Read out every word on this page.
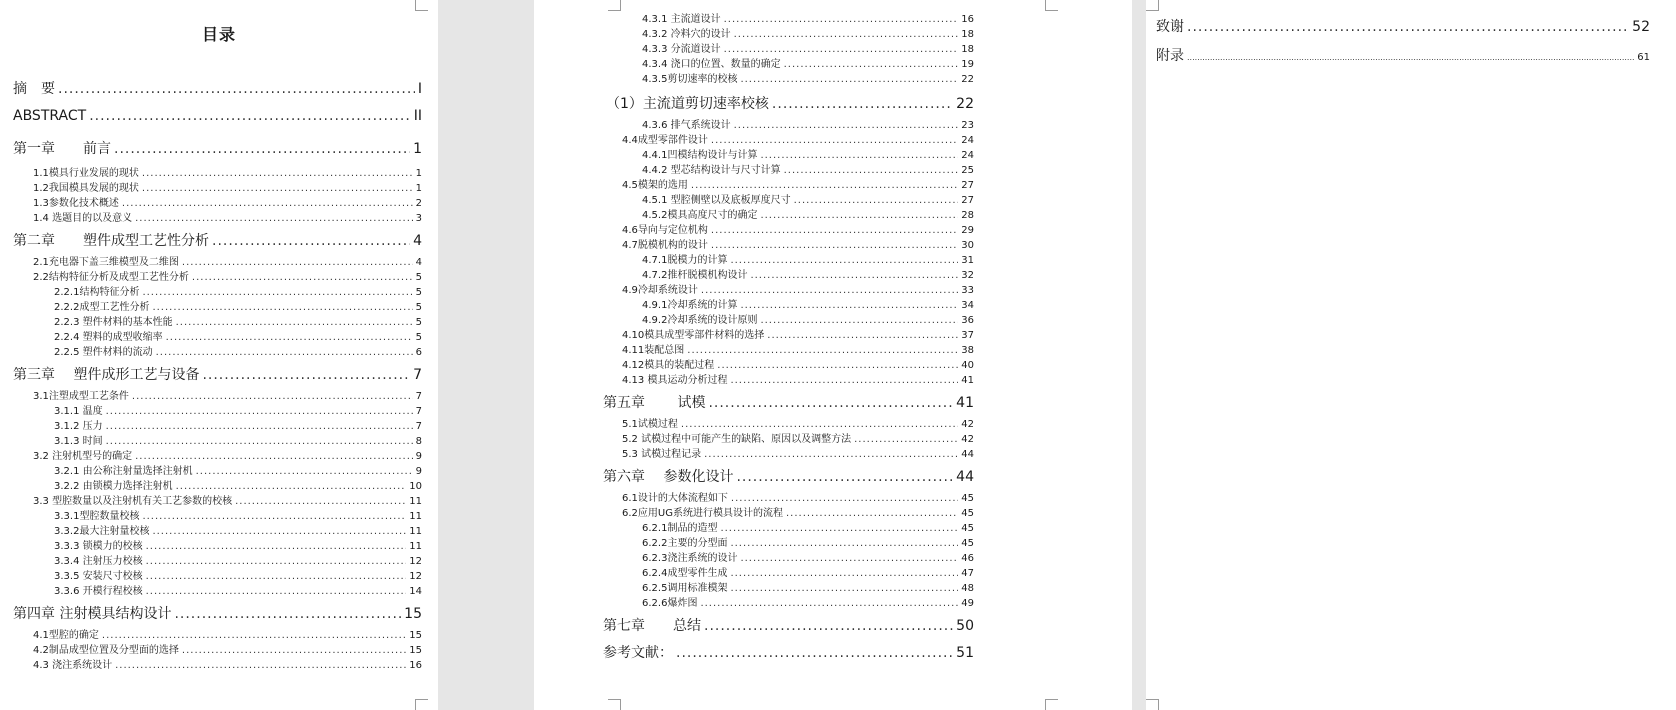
目录
摘　要 .....	I
ABSTRACT .....	II
第一章　　前言 .....	1
1.1模具行业发展的现状 .....	1
1.2我国模具发展的现状 .....	1
1.3参数化技术概述 .....	2
1.4 选题目的以及意义 .....	3
第二章　　塑件成型工艺性分析 .....	4
2.1充电器下盖三维模型及二维图 .....	4
2.2结构特征分析及成型工艺性分析 .....	5
2.2.1结构特征分析 .....	5
2.2.2成型工艺性分析 .....	5
2.2.3 塑件材料的基本性能 .....	5
2.2.4 塑料的成型收缩率 .....	5
2.2.5 塑件材料的流动 .....	6
第三章　 塑件成形工艺与设备 .....	7
3.1注塑成型工艺条件 .....	7
3.1.1 温度 .....	7
3.1.2 压力 .....	7
3.1.3 时间 .....	8
3.2 注射机型号的确定 .....	9
3.2.1 由公称注射量选择注射机 .....	9
3.2.2 由锁模力选择注射机 .....	10
3.3 型腔数量以及注射机有关工艺参数的校核 .....	11
3.3.1型腔数量校核 .....	11
3.3.2最大注射量校核 .....	11
3.3.3 锁模力的校核 .....	11
3.3.4 注射压力校核 .....	12
3.3.5 安装尺寸校核 .....	12
3.3.6 开模行程校核 .....	14
第四章 注射模具结构设计 .....	15
4.1型腔的确定 .....	15
4.2制品成型位置及分型面的选择 .....	15
4.3 浇注系统设计 .....	16
4.3.1 主流道设计 .....	16
4.3.2 冷料穴的设计 .....	18
4.3.3 分流道设计 .....	18
4.3.4 浇口的位置、数量的确定 .....	19
4.3.5剪切速率的校核 .....	22
（1）主流道剪切速率校核 .....	22
4.3.6 排气系统设计 .....	23
4.4成型零部件设计 .....	24
4.4.1凹模结构设计与计算 .....	24
4.4.2 型芯结构设计与尺寸计算 .....	25
4.5模架的选用 .....	27
4.5.1 型腔侧壁以及底板厚度尺寸 .....	27
4.5.2模具高度尺寸的确定 .....	28
4.6导向与定位机构 .....	29
4.7脱模机构的设计 .....	30
4.7.1脱模力的计算 .....	31
4.7.2推杆脱模机构设计 .....	32
4.9冷却系统设计 .....	33
4.9.1冷却系统的计算 .....	34
4.9.2冷却系统的设计原则 .....	36
4.10模具成型零部件材料的选择 .....	37
4.11装配总图 .....	38
4.12模具的装配过程 .....	40
4.13 模具运动分析过程 .....	41
第五章　　 试模 .....	41
5.1试模过程 .....	42
5.2 试模过程中可能产生的缺陷、原因以及调整方法 .....	42
5.3 试模过程记录 .....	44
第六章　 参数化设计 .....	44
6.1设计的大体流程如下 .....	45
6.2应用UG系统进行模具设计的流程 .....	45
6.2.1制品的造型 .....	45
6.2.2主要的分型面 .....	45
6.2.3浇注系统的设计 .....	46
6.2.4成型零件生成 .....	47
6.2.5调用标准模架 .....	48
6.2.6爆炸图 .....	49
第七章　　总结 .....	50
参考文献： .....	51
致谢 .....	52
附录 .....	61
